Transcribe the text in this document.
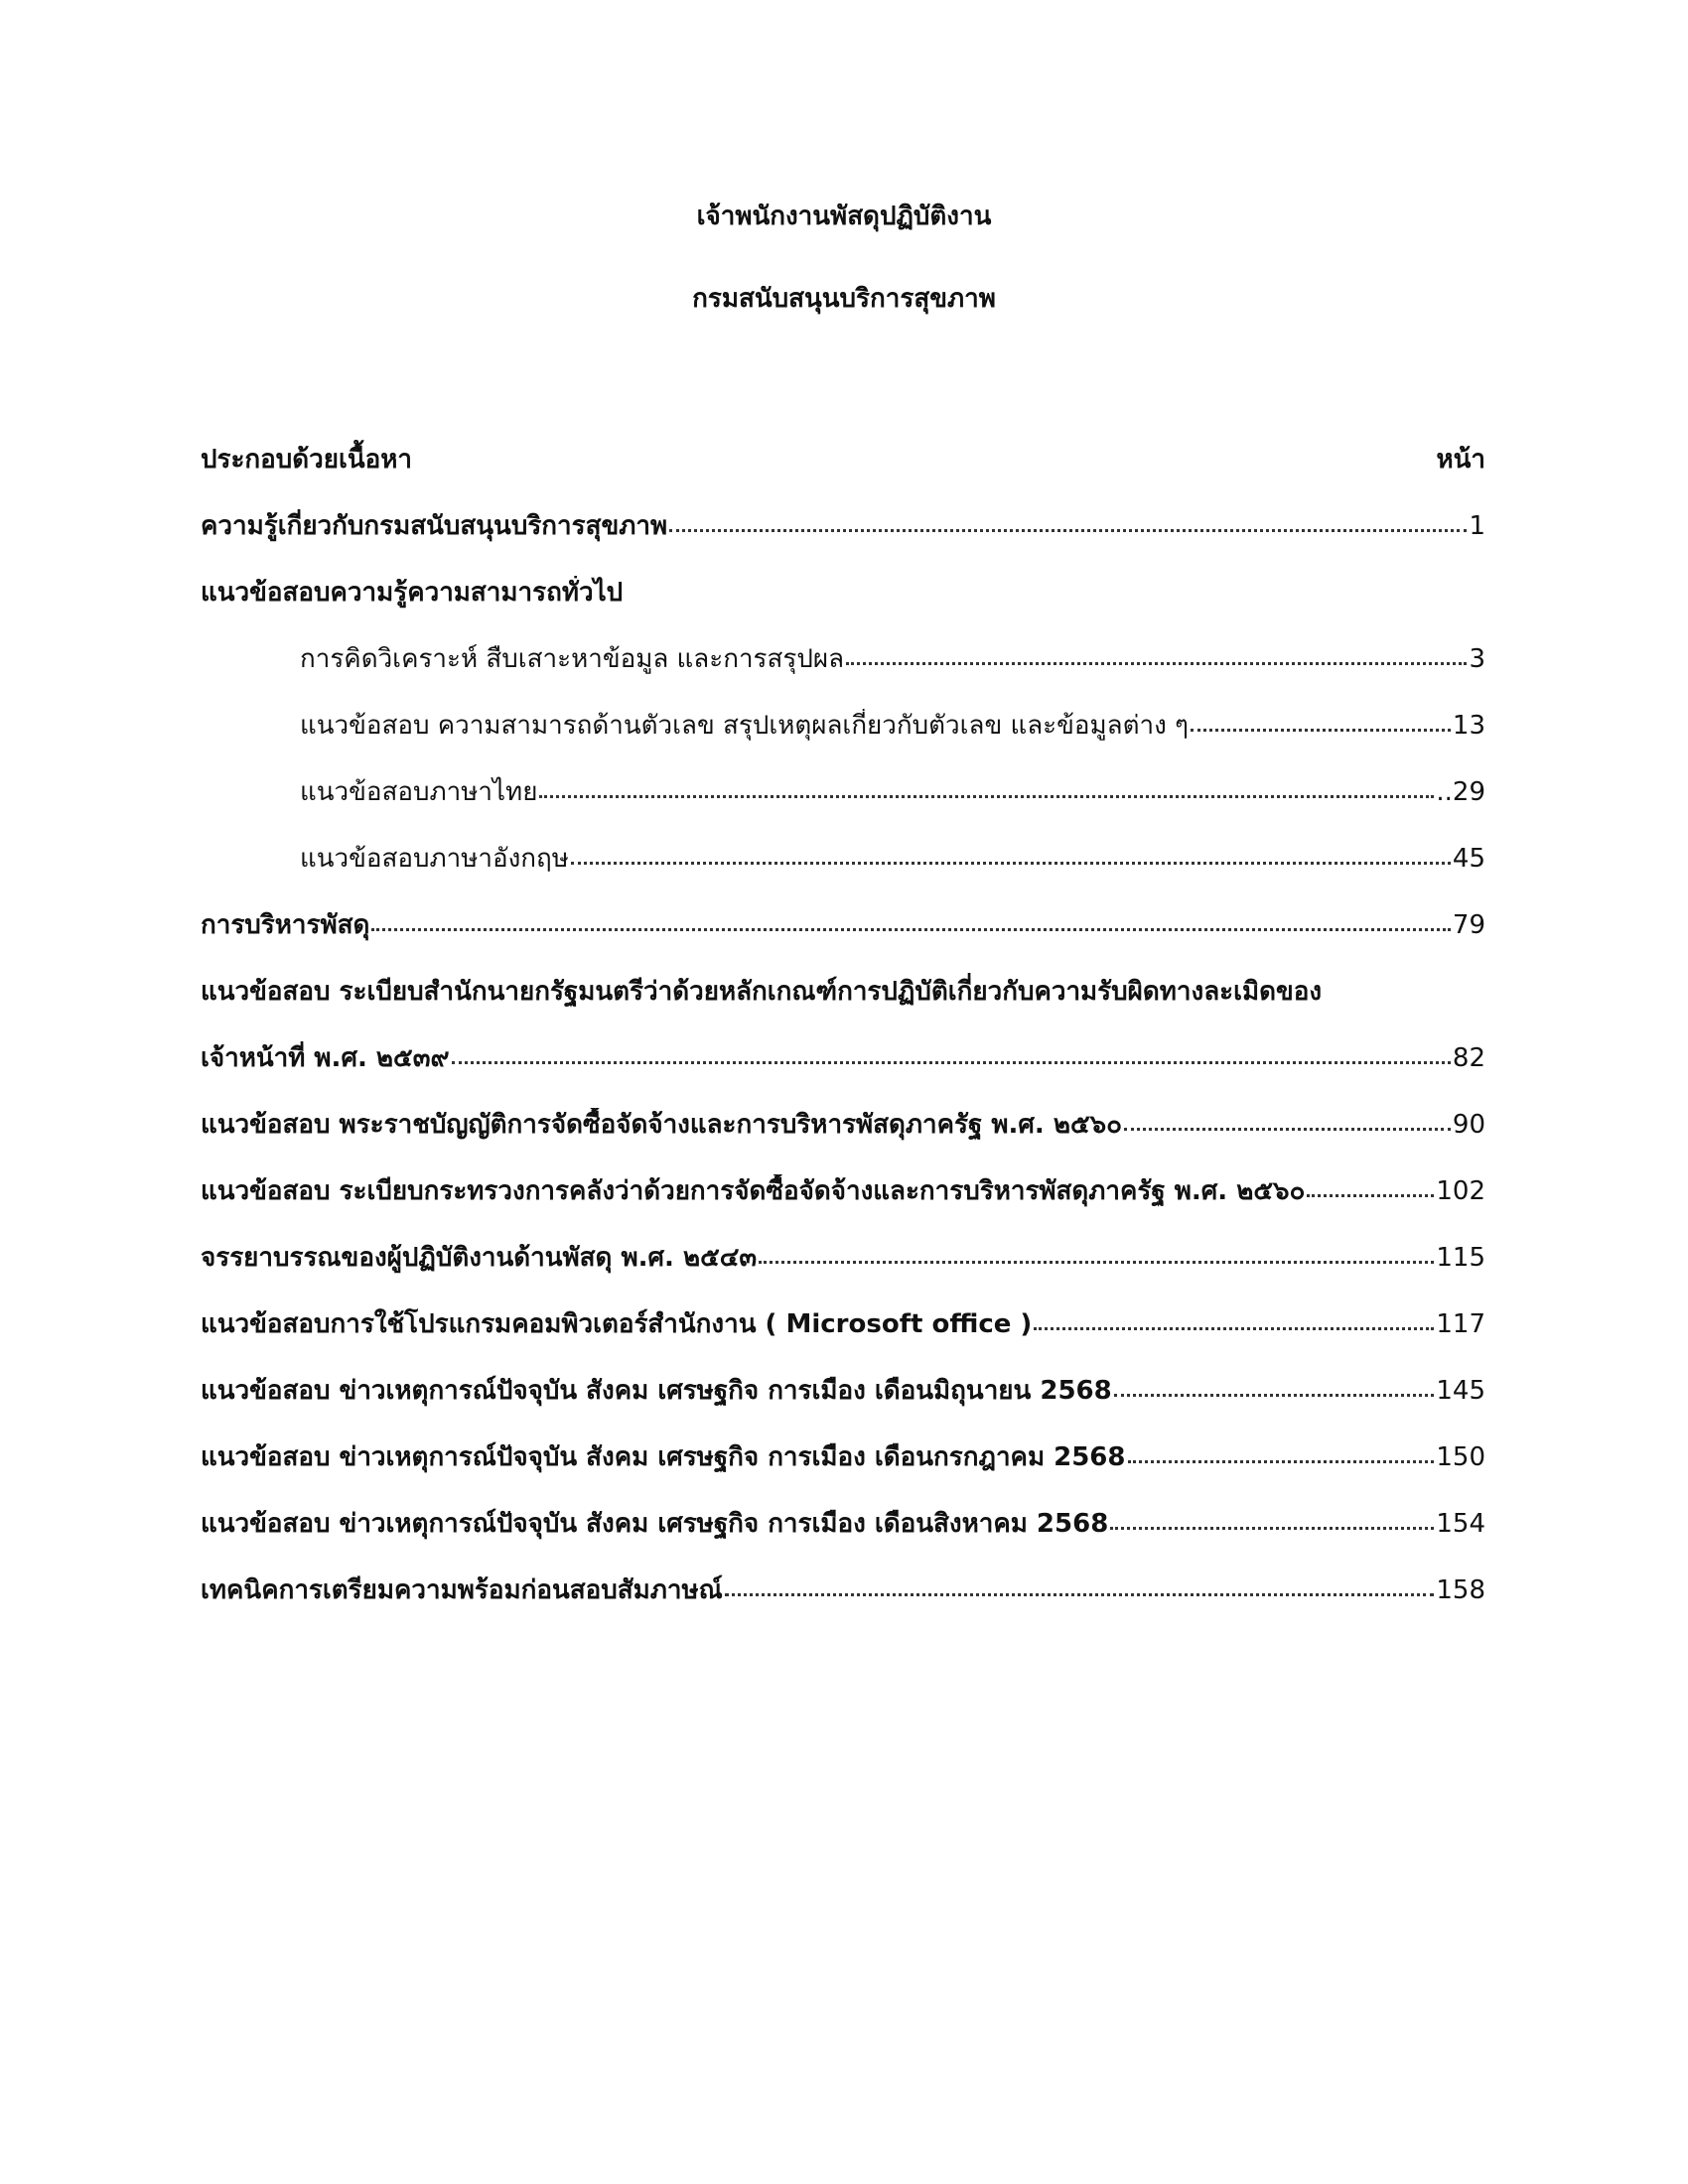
เจ้าพนักงานพัสดุปฏิบัติงาน

กรมสนับสนุนบริการสุขภาพ

ประกอบด้วยเนื้อหา	หน้า
ความรู้เกี่ยวกับกรมสนับสนุนบริการสุขภาพ	1
แนวข้อสอบความรู้ความสามารถทั่วไป
การคิดวิเคราะห์ สืบเสาะหาข้อมูล และการสรุปผล	3
แนวข้อสอบ ความสามารถด้านตัวเลข สรุปเหตุผลเกี่ยวกับตัวเลข และข้อมูลต่าง ๆ	13
แนวข้อสอบภาษาไทย	..29
แนวข้อสอบภาษาอังกฤษ	45
การบริหารพัสดุ	79
แนวข้อสอบ ระเบียบสำนักนายกรัฐมนตรีว่าด้วยหลักเกณฑ์การปฏิบัติเกี่ยวกับความรับผิดทางละเมิดของ
เจ้าหน้าที่ พ.ศ. ๒๕๓๙	82
แนวข้อสอบ พระราชบัญญัติการจัดซื้อจัดจ้างและการบริหารพัสดุภาครัฐ พ.ศ. ๒๕๖๐	90
แนวข้อสอบ ระเบียบกระทรวงการคลังว่าด้วยการจัดซื้อจัดจ้างและการบริหารพัสดุภาครัฐ พ.ศ. ๒๕๖๐	102
จรรยาบรรณของผู้ปฏิบัติงานด้านพัสดุ พ.ศ. ๒๕๔๓	115
แนวข้อสอบการใช้โปรแกรมคอมพิวเตอร์สำนักงาน ( Microsoft office )	117
แนวข้อสอบ ข่าวเหตุการณ์ปัจจุบัน สังคม เศรษฐกิจ การเมือง เดือนมิถุนายน 2568	145
แนวข้อสอบ ข่าวเหตุการณ์ปัจจุบัน สังคม เศรษฐกิจ การเมือง เดือนกรกฎาคม 2568	150
แนวข้อสอบ ข่าวเหตุการณ์ปัจจุบัน สังคม เศรษฐกิจ การเมือง เดือนสิงหาคม 2568	154
เทคนิคการเตรียมความพร้อมก่อนสอบสัมภาษณ์	158
